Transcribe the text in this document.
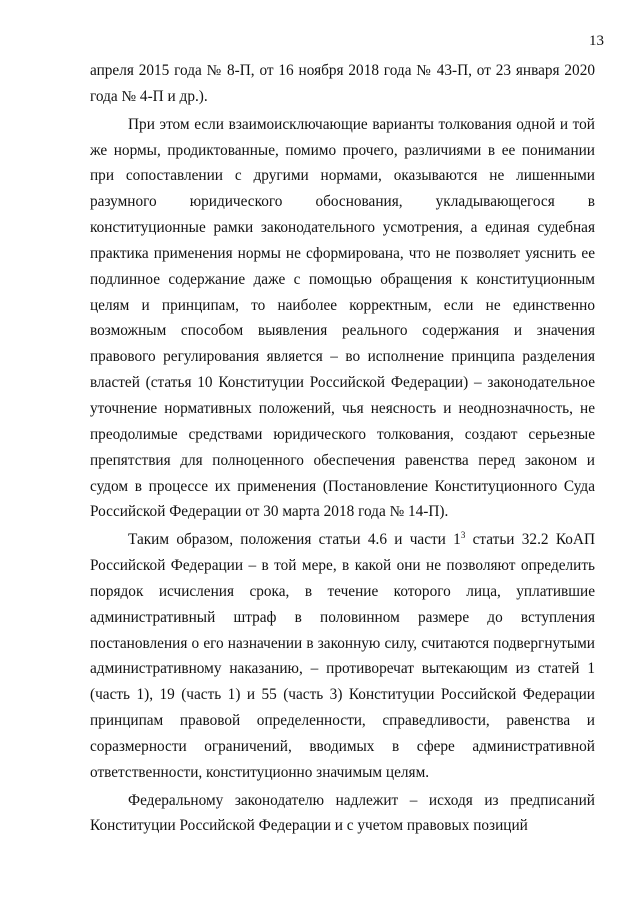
13

апреля 2015 года № 8-П, от 16 ноября 2018 года № 43-П, от 23 января 2020 года № 4-П и др.).

При этом если взаимоисключающие варианты толкования одной и той же нормы, продиктованные, помимо прочего, различиями в ее понимании при сопоставлении с другими нормами, оказываются не лишенными разумного юридического обоснования, укладывающегося в конституционные рамки законодательного усмотрения, а единая судебная практика применения нормы не сформирована, что не позволяет уяснить ее подлинное содержание даже с помощью обращения к конституционным целям и принципам, то наиболее корректным, если не единственно возможным способом выявления реального содержания и значения правового регулирования является – во исполнение принципа разделения властей (статья 10 Конституции Российской Федерации) – законодательное уточнение нормативных положений, чья неясность и неоднозначность, не преодолимые средствами юридического толкования, создают серьезные препятствия для полноценного обеспечения равенства перед законом и судом в процессе их применения (Постановление Конституционного Суда Российской Федерации от 30 марта 2018 года № 14-П).

Таким образом, положения статьи 4.6 и части $1^3$ статьи 32.2 КоАП Российской Федерации – в той мере, в какой они не позволяют определить порядок исчисления срока, в течение которого лица, уплатившие административный штраф в половинном размере до вступления постановления о его назначении в законную силу, считаются подвергнутыми административному наказанию, – противоречат вытекающим из статей 1 (часть 1), 19 (часть 1) и 55 (часть 3) Конституции Российской Федерации принципам правовой определенности, справедливости, равенства и соразмерности ограничений, вводимых в сфере административной ответственности, конституционно значимым целям.

Федеральному законодателю надлежит – исходя из предписаний Конституции Российской Федерации и с учетом правовых позиций
